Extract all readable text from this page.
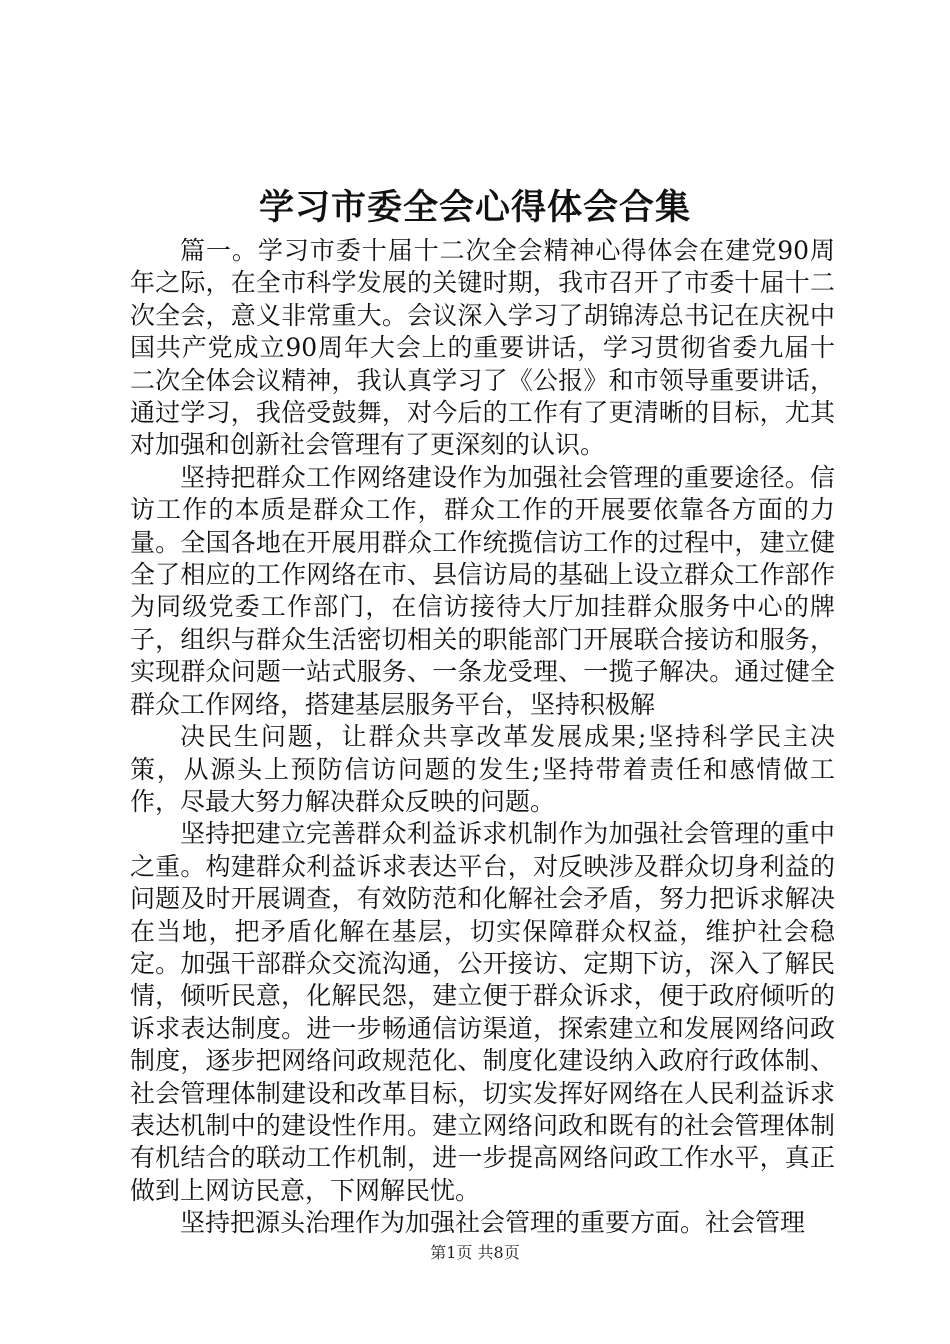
学习市委全会心得体会合集

篇一。学习市委十届十二次全会精神心得体会在建党90周年之际，在全市科学发展的关键时期，我市召开了市委十届十二次全会，意义非常重大。会议深入学习了胡锦涛总书记在庆祝中国共产党成立90周年大会上的重要讲话，学习贯彻省委九届十二次全体会议精神，我认真学习了《公报》和市领导重要讲话，通过学习，我倍受鼓舞，对今后的工作有了更清晰的目标，尤其对加强和创新社会管理有了更深刻的认识。

坚持把群众工作网络建设作为加强社会管理的重要途径。信访工作的本质是群众工作，群众工作的开展要依靠各方面的力量。全国各地在开展用群众工作统揽信访工作的过程中，建立健全了相应的工作网络在市、县信访局的基础上设立群众工作部作为同级党委工作部门，在信访接待大厅加挂群众服务中心的牌子，组织与群众生活密切相关的职能部门开展联合接访和服务，实现群众问题一站式服务、一条龙受理、一揽子解决。通过健全群众工作网络，搭建基层服务平台，坚持积极解

决民生问题，让群众共享改革发展成果;坚持科学民主决策，从源头上预防信访问题的发生;坚持带着责任和感情做工作，尽最大努力解决群众反映的问题。

坚持把建立完善群众利益诉求机制作为加强社会管理的重中之重。构建群众利益诉求表达平台，对反映涉及群众切身利益的问题及时开展调查，有效防范和化解社会矛盾，努力把诉求解决在当地，把矛盾化解在基层，切实保障群众权益，维护社会稳定。加强干部群众交流沟通，公开接访、定期下访，深入了解民情，倾听民意，化解民怨，建立便于群众诉求，便于政府倾听的诉求表达制度。进一步畅通信访渠道，探索建立和发展网络问政制度，逐步把网络问政规范化、制度化建设纳入政府行政体制、社会管理体制建设和改革目标，切实发挥好网络在人民利益诉求表达机制中的建设性作用。建立网络问政和既有的社会管理体制有机结合的联动工作机制，进一步提高网络问政工作水平，真正做到上网访民意，下网解民忧。

坚持把源头治理作为加强社会管理的重要方面。社会管理

第1页 共8页
